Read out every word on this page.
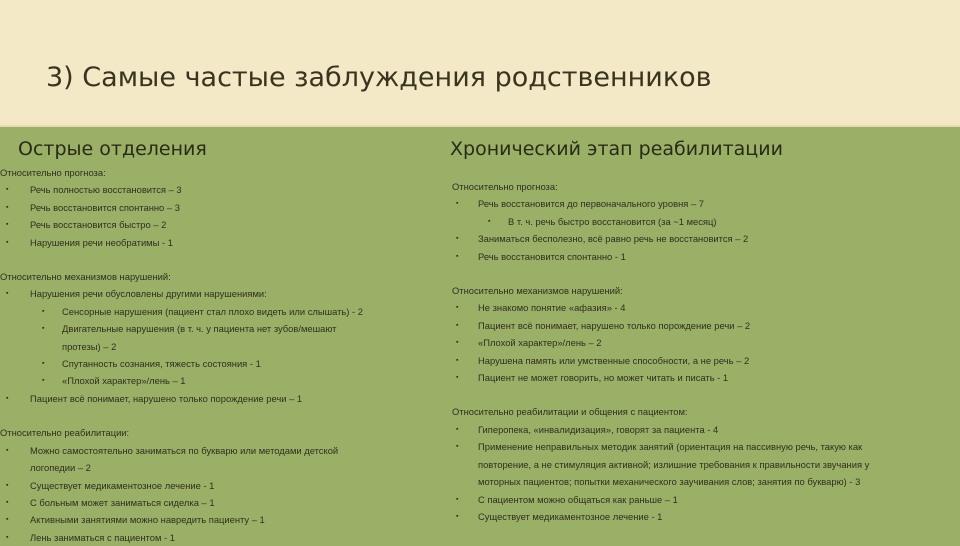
3) Самые частые заблуждения родственников
Острые отделения	Хронический этап реабилитации
Относительно прогноза:
▪ Речь полностью восстановится – 3
▪ Речь восстановится спонтанно – 3
▪ Речь восстановится быстро – 2
▪ Нарушения речи необратимы - 1
Относительно механизмов нарушений:
▪ Нарушения речи обусловлены другими нарушениями:
▪ Сенсорные нарушения (пациент стал плохо видеть или слышать) - 2
▪ Двигательные нарушения (в т. ч. у пациента нет зубов/мешают
протезы) – 2
▪ Спутанность сознания, тяжесть состояния - 1
▪ «Плохой характер»/лень – 1
▪ Пациент всё понимает, нарушено только порождение речи – 1
Относительно реабилитации:
▪ Можно самостоятельно заниматься по букварю или методами детской
логопедии – 2
▪ Существует медикаментозное лечение - 1
▪ С больным может заниматься сиделка – 1
▪ Активными занятиями можно навредить пациенту – 1
▪ Лень заниматься с пациентом - 1
Относительно прогноза:
▪ Речь восстановится до первоначального уровня – 7
▪ В т. ч. речь быстро восстановится (за ~1 месяц)
▪ Заниматься бесполезно, всё равно речь не восстановится – 2
▪ Речь восстановится спонтанно - 1
Относительно механизмов нарушений:
▪ Не знакомо понятие «афазия» - 4
▪ Пациент всё понимает, нарушено только порождение речи – 2
▪ «Плохой характер»/лень – 2
▪ Нарушена память или умственные способности, а не речь – 2
▪ Пациент не может говорить, но может читать и писать - 1
Относительно реабилитации и общения с пациентом:
▪ Гиперопека, «инвалидизация», говорят за пациента - 4
▪ Применение неправильных методик занятий (ориентация на пассивную речь, такую как
повторение, а не стимуляция активной; излишние требования к правильности звучания у
моторных пациентов; попытки механического заучивания слов; занятия по букварю) - 3
▪ С пациентом можно общаться как раньше – 1
▪ Существует медикаментозное лечение - 1
